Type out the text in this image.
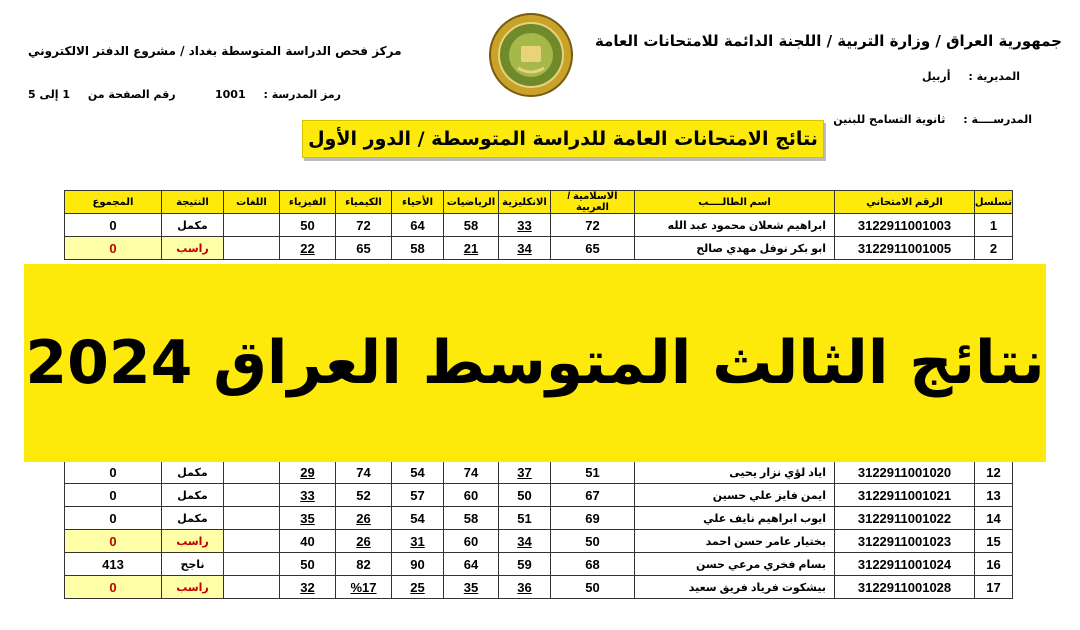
جمهورية العراق / وزارة التربية / اللجنة الدائمة للامتحانات العامة
مركز فحص الدراسة المتوسطة بغداد / مشروع الدفتر الالكتروني
المديرية : أربيل
المدرســــة : ثانوية التسامح للبنين
رمز المدرسة : 1001
رقم الصفحة من 1 إلى 5
نتائج الامتحانات العامة للدراسة المتوسطة / الدور الأول
تسلسل	الرقم الامتحاني	اسم الطالــــب	الاسلامية / العربية	الانكليزية	الرياضيات	الأحياء	الكيمياء	الفيزياء	اللغات	النتيجة	المجموع
1	3122911001003	ابراهيم شعلان محمود عبد الله	72	33	58	64	72	50		مكمل	0
2	3122911001005	ابو بكر نوفل مهدي صالح	65	34	21	58	65	22		راسب	0

12	3122911001020	اياد لؤي نزار يحيى	51	37	74	54	74	29		مكمل	0
13	3122911001021	ايمن فايز علي حسين	67	50	60	57	52	33		مكمل	0
14	3122911001022	ايوب ابراهيم نايف علي	69	51	58	54	26	35		مكمل	0
15	3122911001023	بختيار عامر حسن احمد	50	34	60	31	26	40		راسب	0
16	3122911001024	بسام فخري مرعي حسن	68	59	64	90	82	50		ناجح	413
17	3122911001028	بيشكوت فرياد فريق سعيد	50	36	35	25	%17	32		راسب	0
نتائج الثالث المتوسط العراق 2024
